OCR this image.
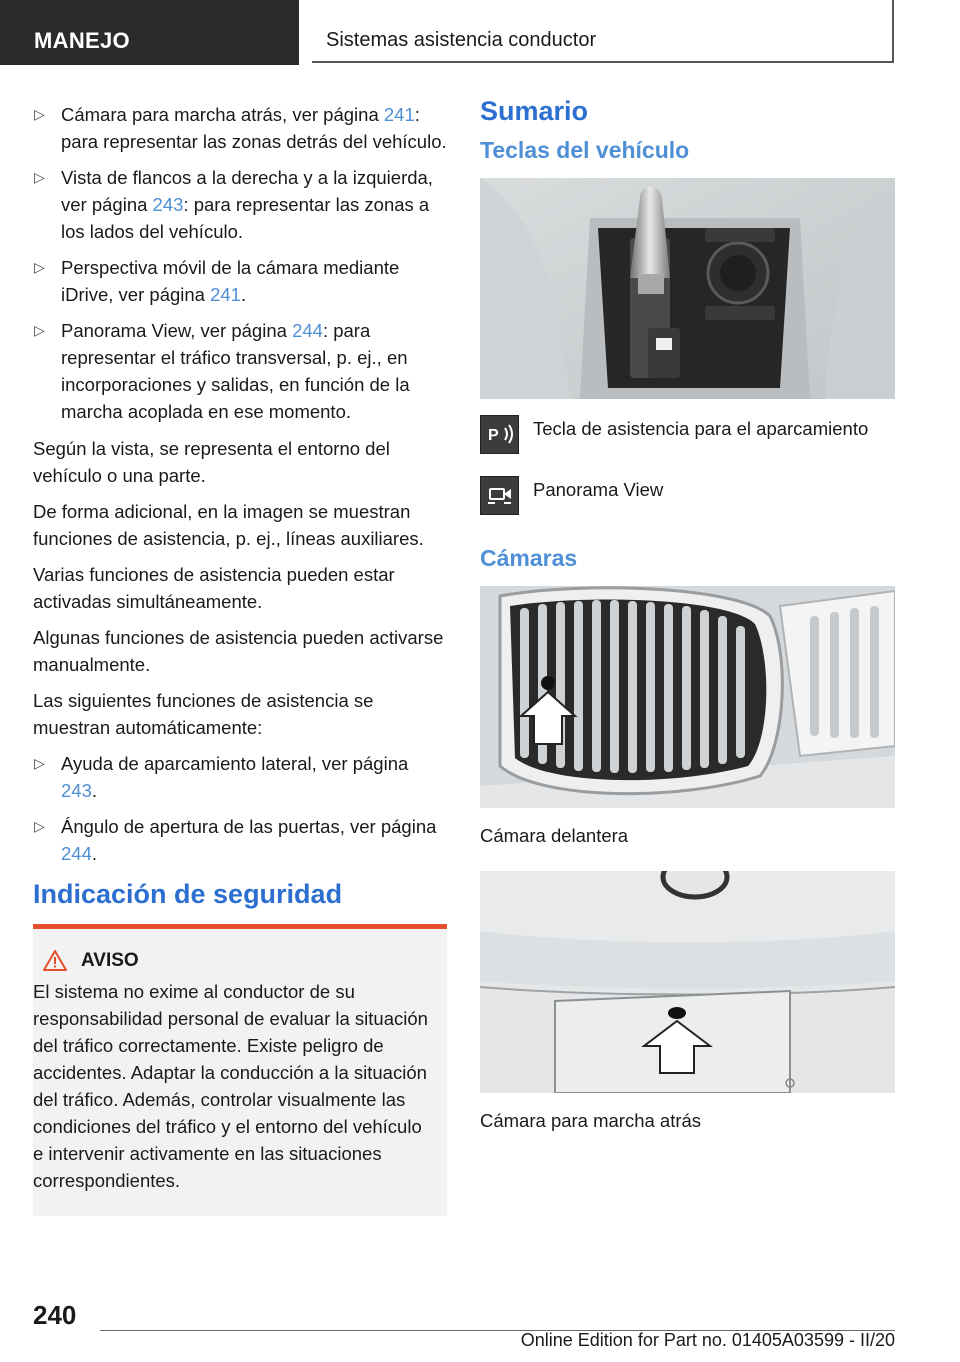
MANEJO	Sistemas asistencia conductor
▷ Cámara para marcha atrás, ver página 241: para representar las zonas detrás del vehículo.
▷ Vista de flancos a la derecha y a la izquierda, ver página 243: para representar las zonas a los lados del vehículo.
▷ Perspectiva móvil de la cámara mediante iDrive, ver página 241.
▷ Panorama View, ver página 244: para representar el tráfico transversal, p. ej., en incorporaciones y salidas, en función de la marcha acoplada en ese momento.

Según la vista, se representa el entorno del vehículo o una parte.

De forma adicional, en la imagen se muestran funciones de asistencia, p. ej., líneas auxiliares.

Varias funciones de asistencia pueden estar activadas simultáneamente.

Algunas funciones de asistencia pueden activarse manualmente.

Las siguientes funciones de asistencia se muestran automáticamente:

▷ Ayuda de aparcamiento lateral, ver página 243.
▷ Ángulo de apertura de las puertas, ver página 244.
Indicación de seguridad
AVISO

El sistema no exime al conductor de su responsabilidad personal de evaluar la situación del tráfico correctamente. Existe peligro de accidentes. Adaptar la conducción a la situación del tráfico. Además, controlar visualmente las condiciones del tráfico y el entorno del vehículo e intervenir activamente en las situaciones correspondientes.

Sumario
Teclas del vehículo
P Tecla de asistencia para el aparcamiento
Panorama View
Cámaras
Cámara delantera
Cámara para marcha atrás
240
Online Edition for Part no. 01405A03599 - II/20
